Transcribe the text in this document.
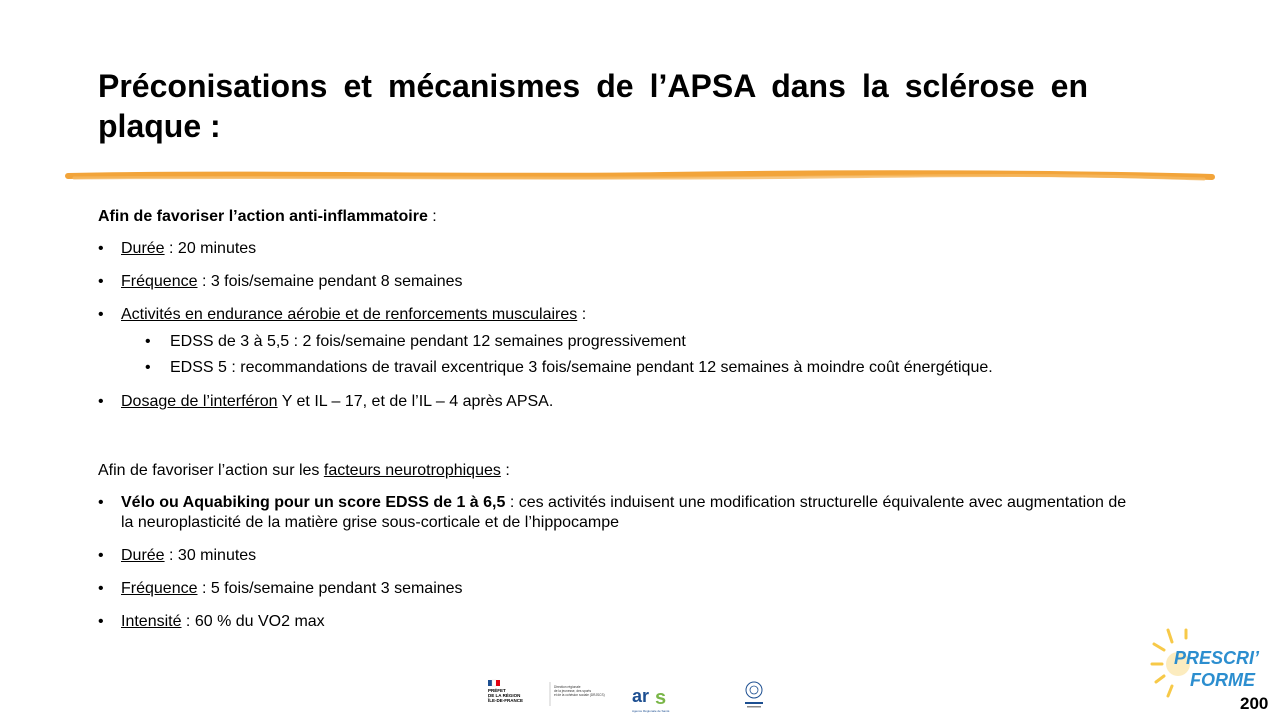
Préconisations et mécanismes de l’APSA dans la sclérose en plaque :

Afin de favoriser l’action anti-inflammatoire :

• Durée : 20 minutes

• Fréquence : 3 fois/semaine pendant 8 semaines

• Activités en endurance aérobie et de renforcements musculaires :

• EDSS de 3 à 5,5 : 2 fois/semaine pendant 12 semaines progressivement

• EDSS 5 : recommandations de travail excentrique 3 fois/semaine pendant 12 semaines à moindre coût énergétique.

• Dosage de l’interféron Y et IL – 17, et de l’IL – 4 après APSA.

Afin de favoriser l’action sur les facteurs neurotrophiques :

• Vélo ou Aquabiking pour un score EDSS de 1 à 6,5 : ces activités induisent une modification structurelle équivalente avec augmentation de la neuroplasticité de la matière grise sous-corticale et de l’hippocampe

• Durée : 30 minutes

• Fréquence : 5 fois/semaine pendant 3 semaines

• Intensité : 60 % du VO2 max

PRÉFET
DE LA RÉGION
ÎLE-DE-FRANCE
Direction régionale
de la jeunesse, des sports
et de la cohésion sociale (DRJSCS) ar s
Agence Régionale de Santé
PRESCRI’
FORME
200
